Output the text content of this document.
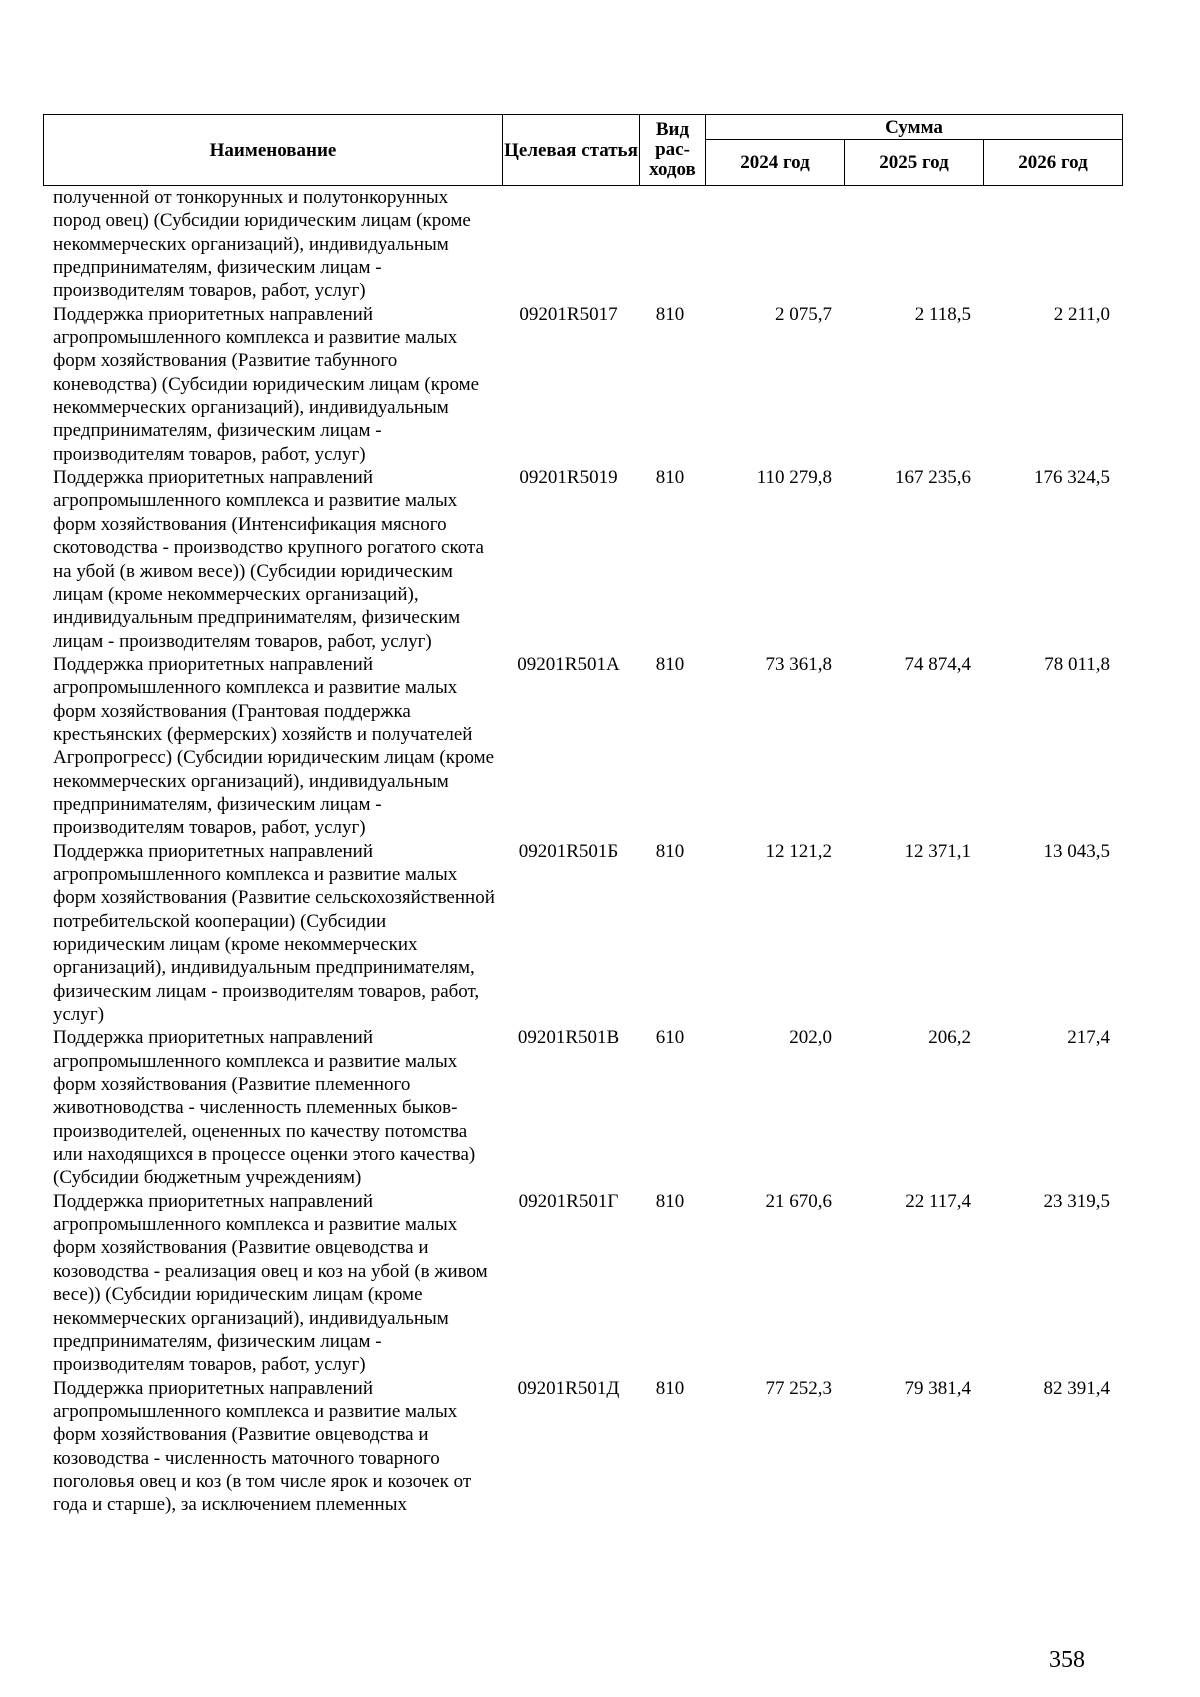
Наименование	Целевая статья	Вид рас-ходов	Сумма		
			2024 год	2025 год	2026 год
полученной от тонкорунных и полутонкорунных пород овец) (Субсидии юридическим лицам (кроме некоммерческих организаций), индивидуальным предпринимателям, физическим лицам - производителям товаров, работ, услуг)
Поддержка приоритетных направлений агропромышленного комплекса и развитие малых форм хозяйствования (Развитие табунного коневодства) (Субсидии юридическим лицам (кроме некоммерческих организаций), индивидуальным предпринимателям, физическим лицам - производителям товаров, работ, услуг)
09201R5017	810	2 075,7	2 118,5	2 211,0
Поддержка приоритетных направлений агропромышленного комплекса и развитие малых форм хозяйствования (Интенсификация мясного скотоводства - производство крупного рогатого скота на убой (в живом весе)) (Субсидии юридическим лицам (кроме некоммерческих организаций), индивидуальным предпринимателям, физическим лицам - производителям товаров, работ, услуг)
09201R5019	810	110 279,8	167 235,6	176 324,5
Поддержка приоритетных направлений агропромышленного комплекса и развитие малых форм хозяйствования (Грантовая поддержка крестьянских (фермерских) хозяйств и получателей Агропрогресс) (Субсидии юридическим лицам (кроме некоммерческих организаций), индивидуальным предпринимателям, физическим лицам - производителям товаров, работ, услуг)
09201R501А	810	73 361,8	74 874,4	78 011,8
Поддержка приоритетных направлений агропромышленного комплекса и развитие малых форм хозяйствования (Развитие сельскохозяйственной потребительской кооперации) (Субсидии юридическим лицам (кроме некоммерческих организаций), индивидуальным предпринимателям, физическим лицам - производителям товаров, работ, услуг)
09201R501Б	810	12 121,2	12 371,1	13 043,5
Поддержка приоритетных направлений агропромышленного комплекса и развитие малых форм хозяйствования (Развитие племенного животноводства - численность племенных быков-производителей, оцененных по качеству потомства или находящихся в процессе оценки этого качества) (Субсидии бюджетным учреждениям)
09201R501В	610	202,0	206,2	217,4
Поддержка приоритетных направлений агропромышленного комплекса и развитие малых форм хозяйствования (Развитие овцеводства и козоводства - реализация овец и коз на убой (в живом весе)) (Субсидии юридическим лицам (кроме некоммерческих организаций), индивидуальным предпринимателям, физическим лицам - производителям товаров, работ, услуг)
09201R501Г	810	21 670,6	22 117,4	23 319,5
Поддержка приоритетных направлений агропромышленного комплекса и развитие малых форм хозяйствования (Развитие овцеводства и козоводства - численность маточного товарного поголовья овец и коз (в том числе ярок и козочек от года и старше), за исключением племенных
09201R501Д	810	77 252,3	79 381,4	82 391,4
358
